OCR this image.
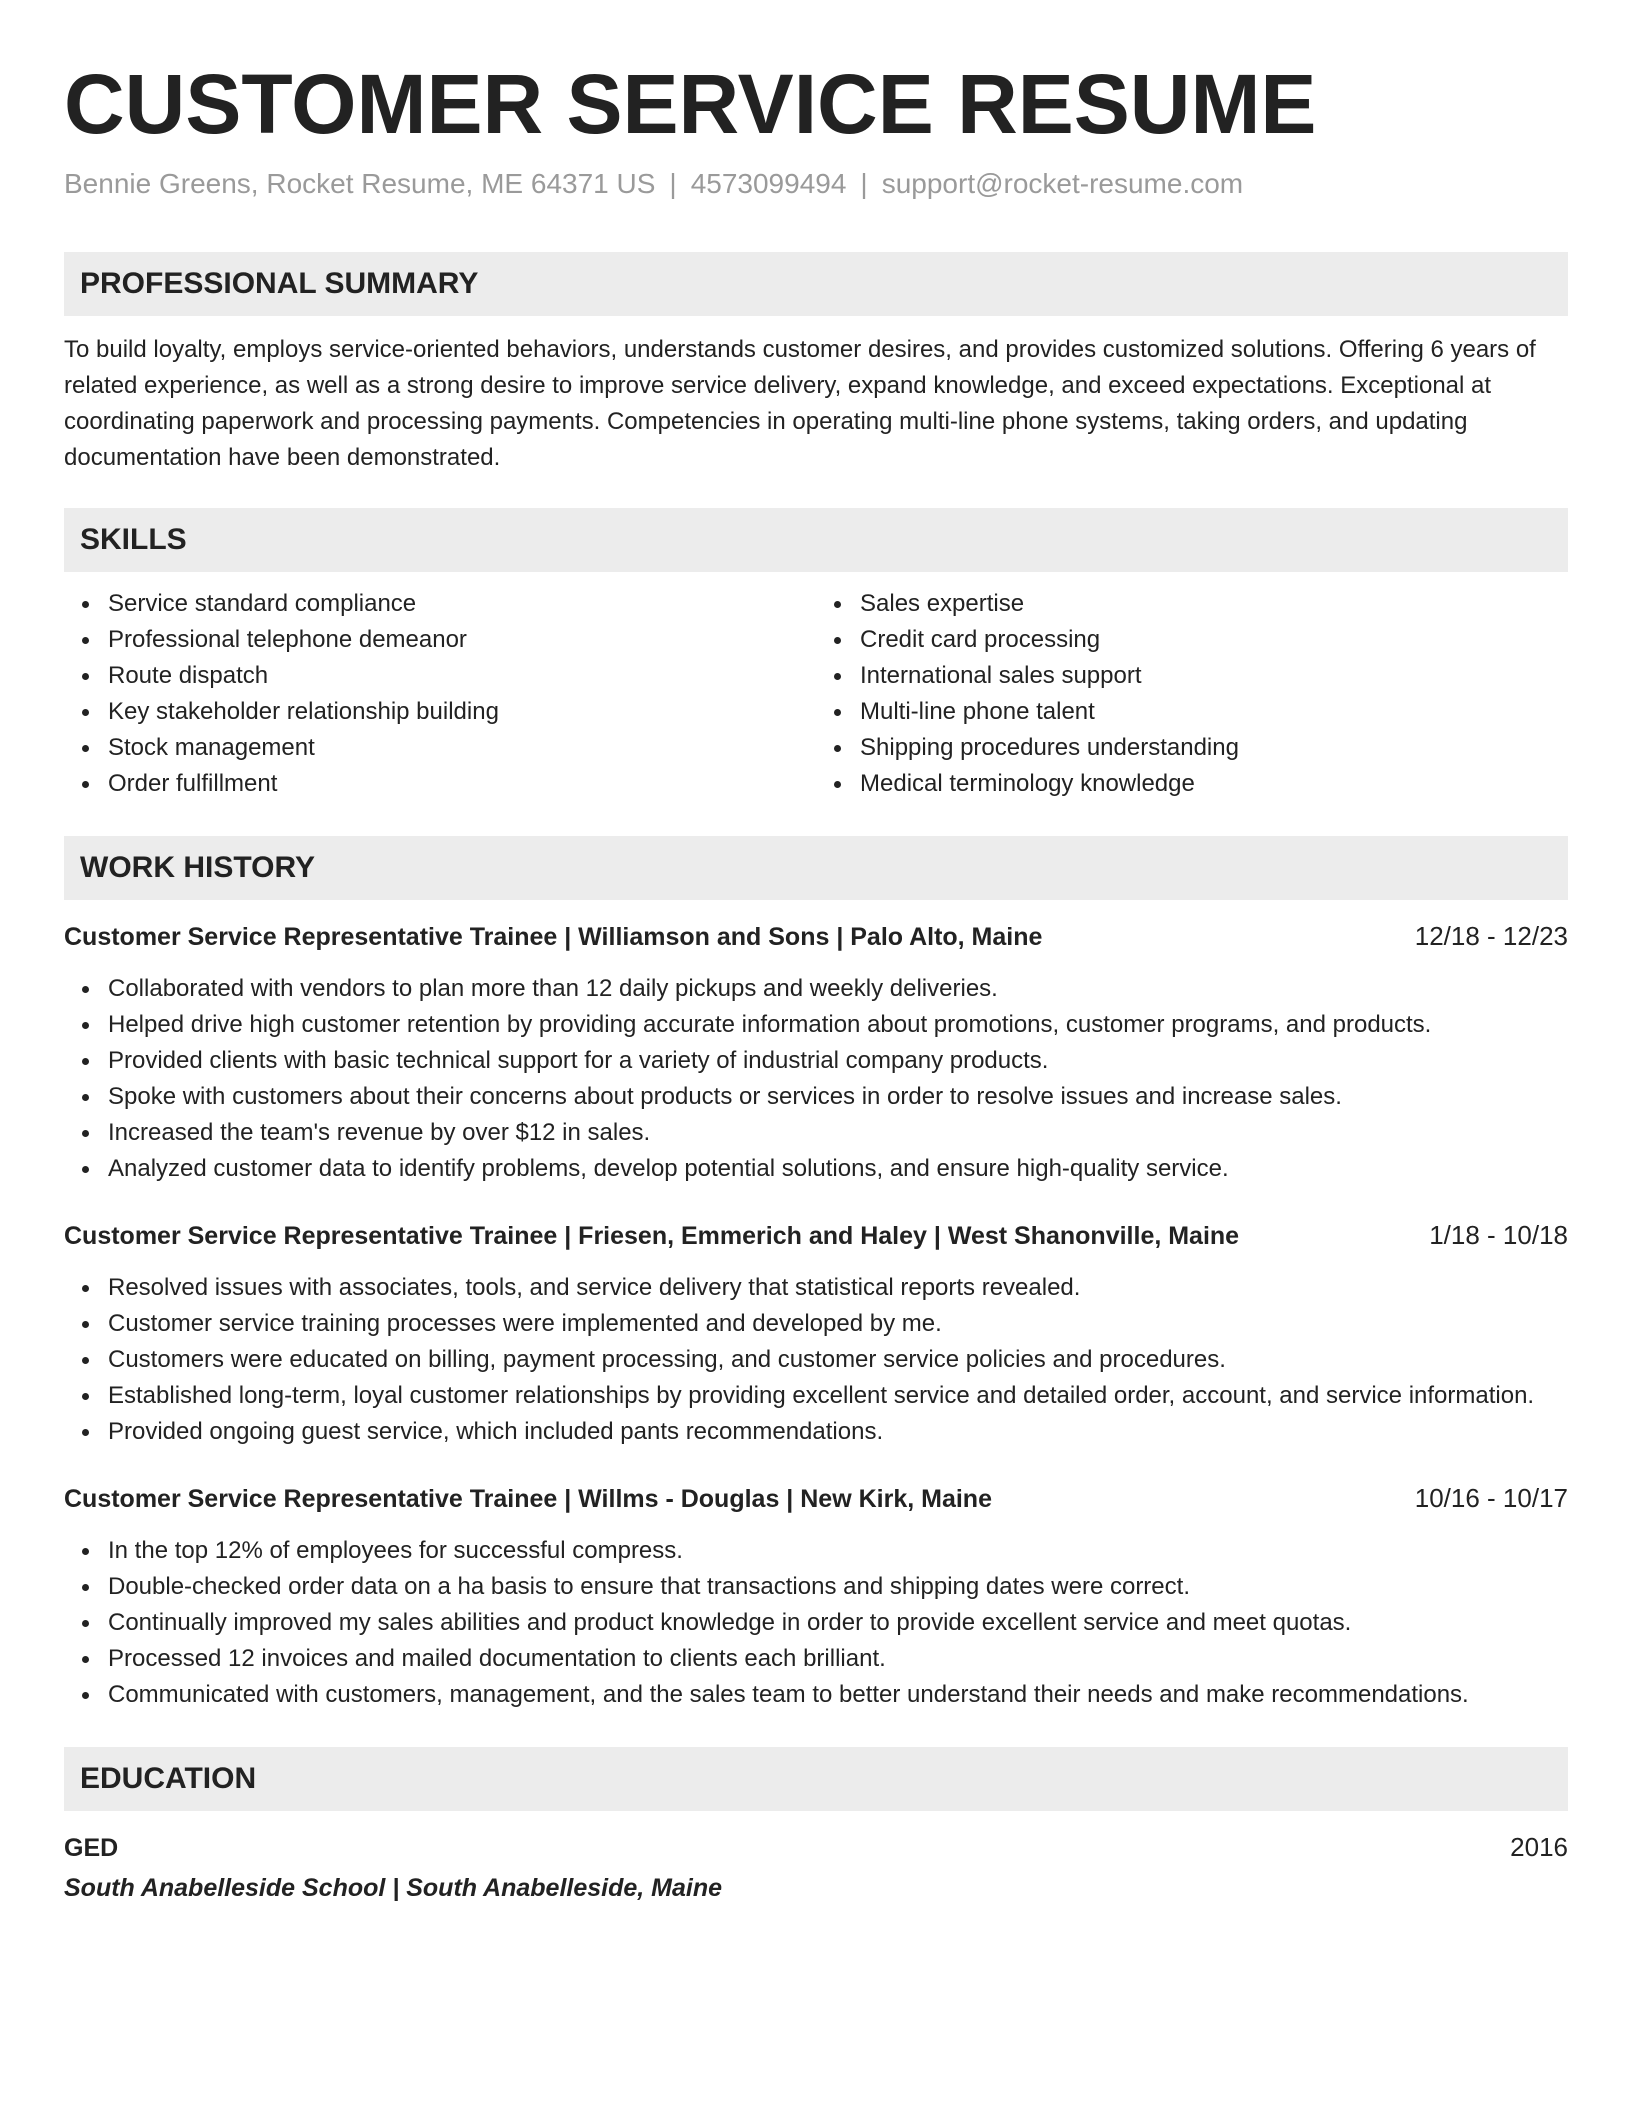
CUSTOMER SERVICE RESUME
Bennie Greens, Rocket Resume, ME 64371 US | 4573099494 | support@rocket-resume.com
PROFESSIONAL SUMMARY

To build loyalty, employs service-oriented behaviors, understands customer desires, and provides customized solutions. Offering 6 years of related experience, as well as a strong desire to improve service delivery, expand knowledge, and exceed expectations. Exceptional at coordinating paperwork and processing payments. Competencies in operating multi-line phone systems, taking orders, and updating documentation have been demonstrated.

SKILLS
Service standard compliance
Professional telephone demeanor
Route dispatch
Key stakeholder relationship building
Stock management
Order fulfillment
Sales expertise
Credit card processing
International sales support
Multi-line phone talent
Shipping procedures understanding
Medical terminology knowledge
WORK HISTORY
Customer Service Representative Trainee | Williamson and Sons | Palo Alto, Maine	12/18 - 12/23
Collaborated with vendors to plan more than 12 daily pickups and weekly deliveries.
Helped drive high customer retention by providing accurate information about promotions, customer programs, and products.
Provided clients with basic technical support for a variety of industrial company products.
Spoke with customers about their concerns about products or services in order to resolve issues and increase sales.
Increased the team's revenue by over $12 in sales.
Analyzed customer data to identify problems, develop potential solutions, and ensure high-quality service.
Customer Service Representative Trainee | Friesen, Emmerich and Haley | West Shanonville, Maine	1/18 - 10/18
Resolved issues with associates, tools, and service delivery that statistical reports revealed.
Customer service training processes were implemented and developed by me.
Customers were educated on billing, payment processing, and customer service policies and procedures.
Established long-term, loyal customer relationships by providing excellent service and detailed order, account, and service information.
Provided ongoing guest service, which included pants recommendations.
Customer Service Representative Trainee | Willms - Douglas | New Kirk, Maine	10/16 - 10/17
In the top 12% of employees for successful compress.
Double-checked order data on a ha basis to ensure that transactions and shipping dates were correct.
Continually improved my sales abilities and product knowledge in order to provide excellent service and meet quotas.
Processed 12 invoices and mailed documentation to clients each brilliant.
Communicated with customers, management, and the sales team to better understand their needs and make recommendations.
EDUCATION
GED	2016
South Anabelleside School | South Anabelleside, Maine
